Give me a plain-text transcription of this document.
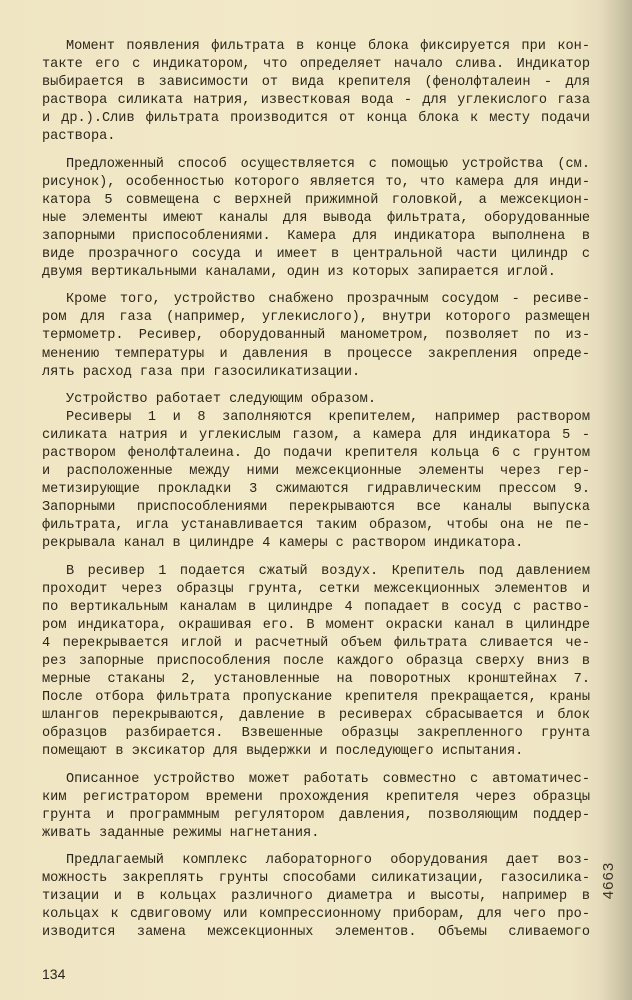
Момент появления фильтрата в конце блока фиксируется при кон-
такте его с индикатором, что определяет начало слива. Индикатор
выбирается в зависимости от вида крепителя (фенолфталеин - для
раствора силиката натрия, известковая вода - для углекислого газа
и др.).Слив фильтрата производится от конца блока к месту подачи
раствора.
Предложенный способ осуществляется с помощью устройства (см.
рисунок), особенностью которого является то, что камера для инди-
катора 5 совмещена с верхней прижимной головкой, а межсекцион-
ные элементы имеют каналы для вывода фильтрата, оборудованные
запорными приспособлениями. Камера для индикатора выполнена в
виде прозрачного сосуда и имеет в центральной части цилиндр с
двумя вертикальными каналами, один из которых запирается иглой.
Кроме того, устройство снабжено прозрачным сосудом - ресиве-
ром для газа (например, углекислого), внутри которого размещен
термометр. Ресивер, оборудованный манометром, позволяет по из-
менению температуры и давления в процессе закрепления опреде-
лять расход газа при газосиликатизации.
Устройство работает следующим образом.
Ресиверы 1 и 8 заполняются крепителем, например раствором
силиката натрия и углекислым газом, а камера для индикатора 5 -
раствором фенолфталеина. До подачи крепителя кольца 6 с грунтом
и расположенные между ними межсекционные элементы через гер-
метизирующие прокладки 3 сжимаются гидравлическим прессом 9.
Запорными приспособлениями перекрываются все каналы выпуска
фильтрата, игла устанавливается таким образом, чтобы она не пе-
рекрывала канал в цилиндре 4 камеры с раствором индикатора.
В ресивер 1 подается сжатый воздух. Крепитель под давлением
проходит через образцы грунта, сетки межсекционных элементов и
по вертикальным каналам в цилиндре 4 попадает в сосуд с раство-
ром индикатора, окрашивая его. В момент окраски канал в цилиндре
4 перекрывается иглой и расчетный объем фильтрата сливается че-
рез запорные приспособления после каждого образца сверху вниз в
мерные стаканы 2, установленные на поворотных кронштейнах 7.
После отбора фильтрата пропускание крепителя прекращается, краны
шлангов перекрываются, давление в ресиверах сбрасывается и блок
образцов разбирается. Взвешенные образцы закрепленного грунта
помещают в эксикатор для выдержки и последующего испытания.
Описанное устройство может работать совместно с автоматичес-
ким регистратором времени прохождения крепителя через образцы
грунта и программным регулятором давления, позволяющим поддер-
живать заданные режимы нагнетания.
Предлагаемый комплекс лабораторного оборудования дает воз-
можность закреплять грунты способами силикатизации, газосилика-
тизации и в кольцах различного диаметра и высоты, например в
кольцах к сдвиговому или компрессионному приборам, для чего про-
изводится замена межсекционных элементов. Объемы сливаемого
134
4663
